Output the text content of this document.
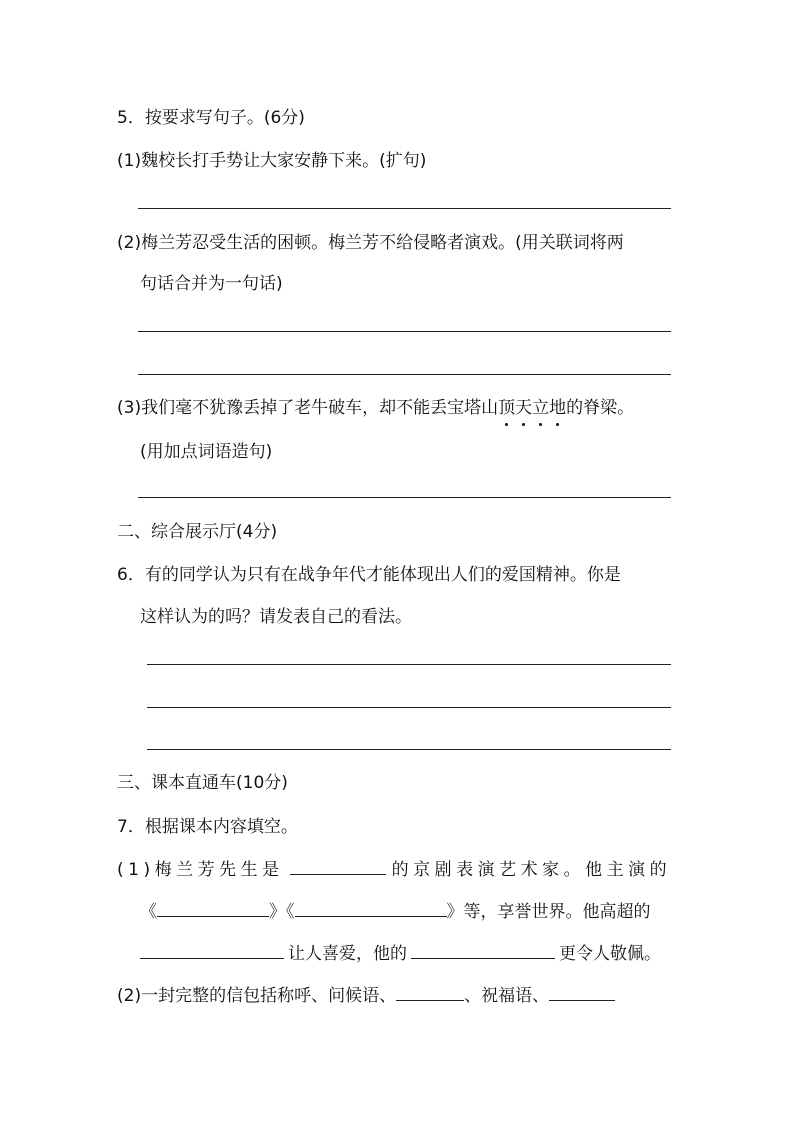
5．按要求写句子。(6分)
(1)魏校长打手势让大家安静下来。(扩句)
(2)梅兰芳忍受生活的困顿。梅兰芳不给侵略者演戏。(用关联词将两
句话合并为一句话)
(3)我们毫不犹豫丢掉了老牛破车，却不能丢宝塔山顶天立地的脊梁。
(用加点词语造句)
二、综合展示厅(4分)
6．有的同学认为只有在战争年代才能体现出人们的爱国精神。你是
这样认为的吗？请发表自己的看法。
三、课本直通车(10分)
7．根据课本内容填空。
(1)梅兰芳先生是	的京剧表演艺术家。他主演的
《	》《	》等，享誉世界。他高超的
让人喜爱，他的	更令人敬佩。
(2)一封完整的信包括称呼、问候语、	、祝福语、
